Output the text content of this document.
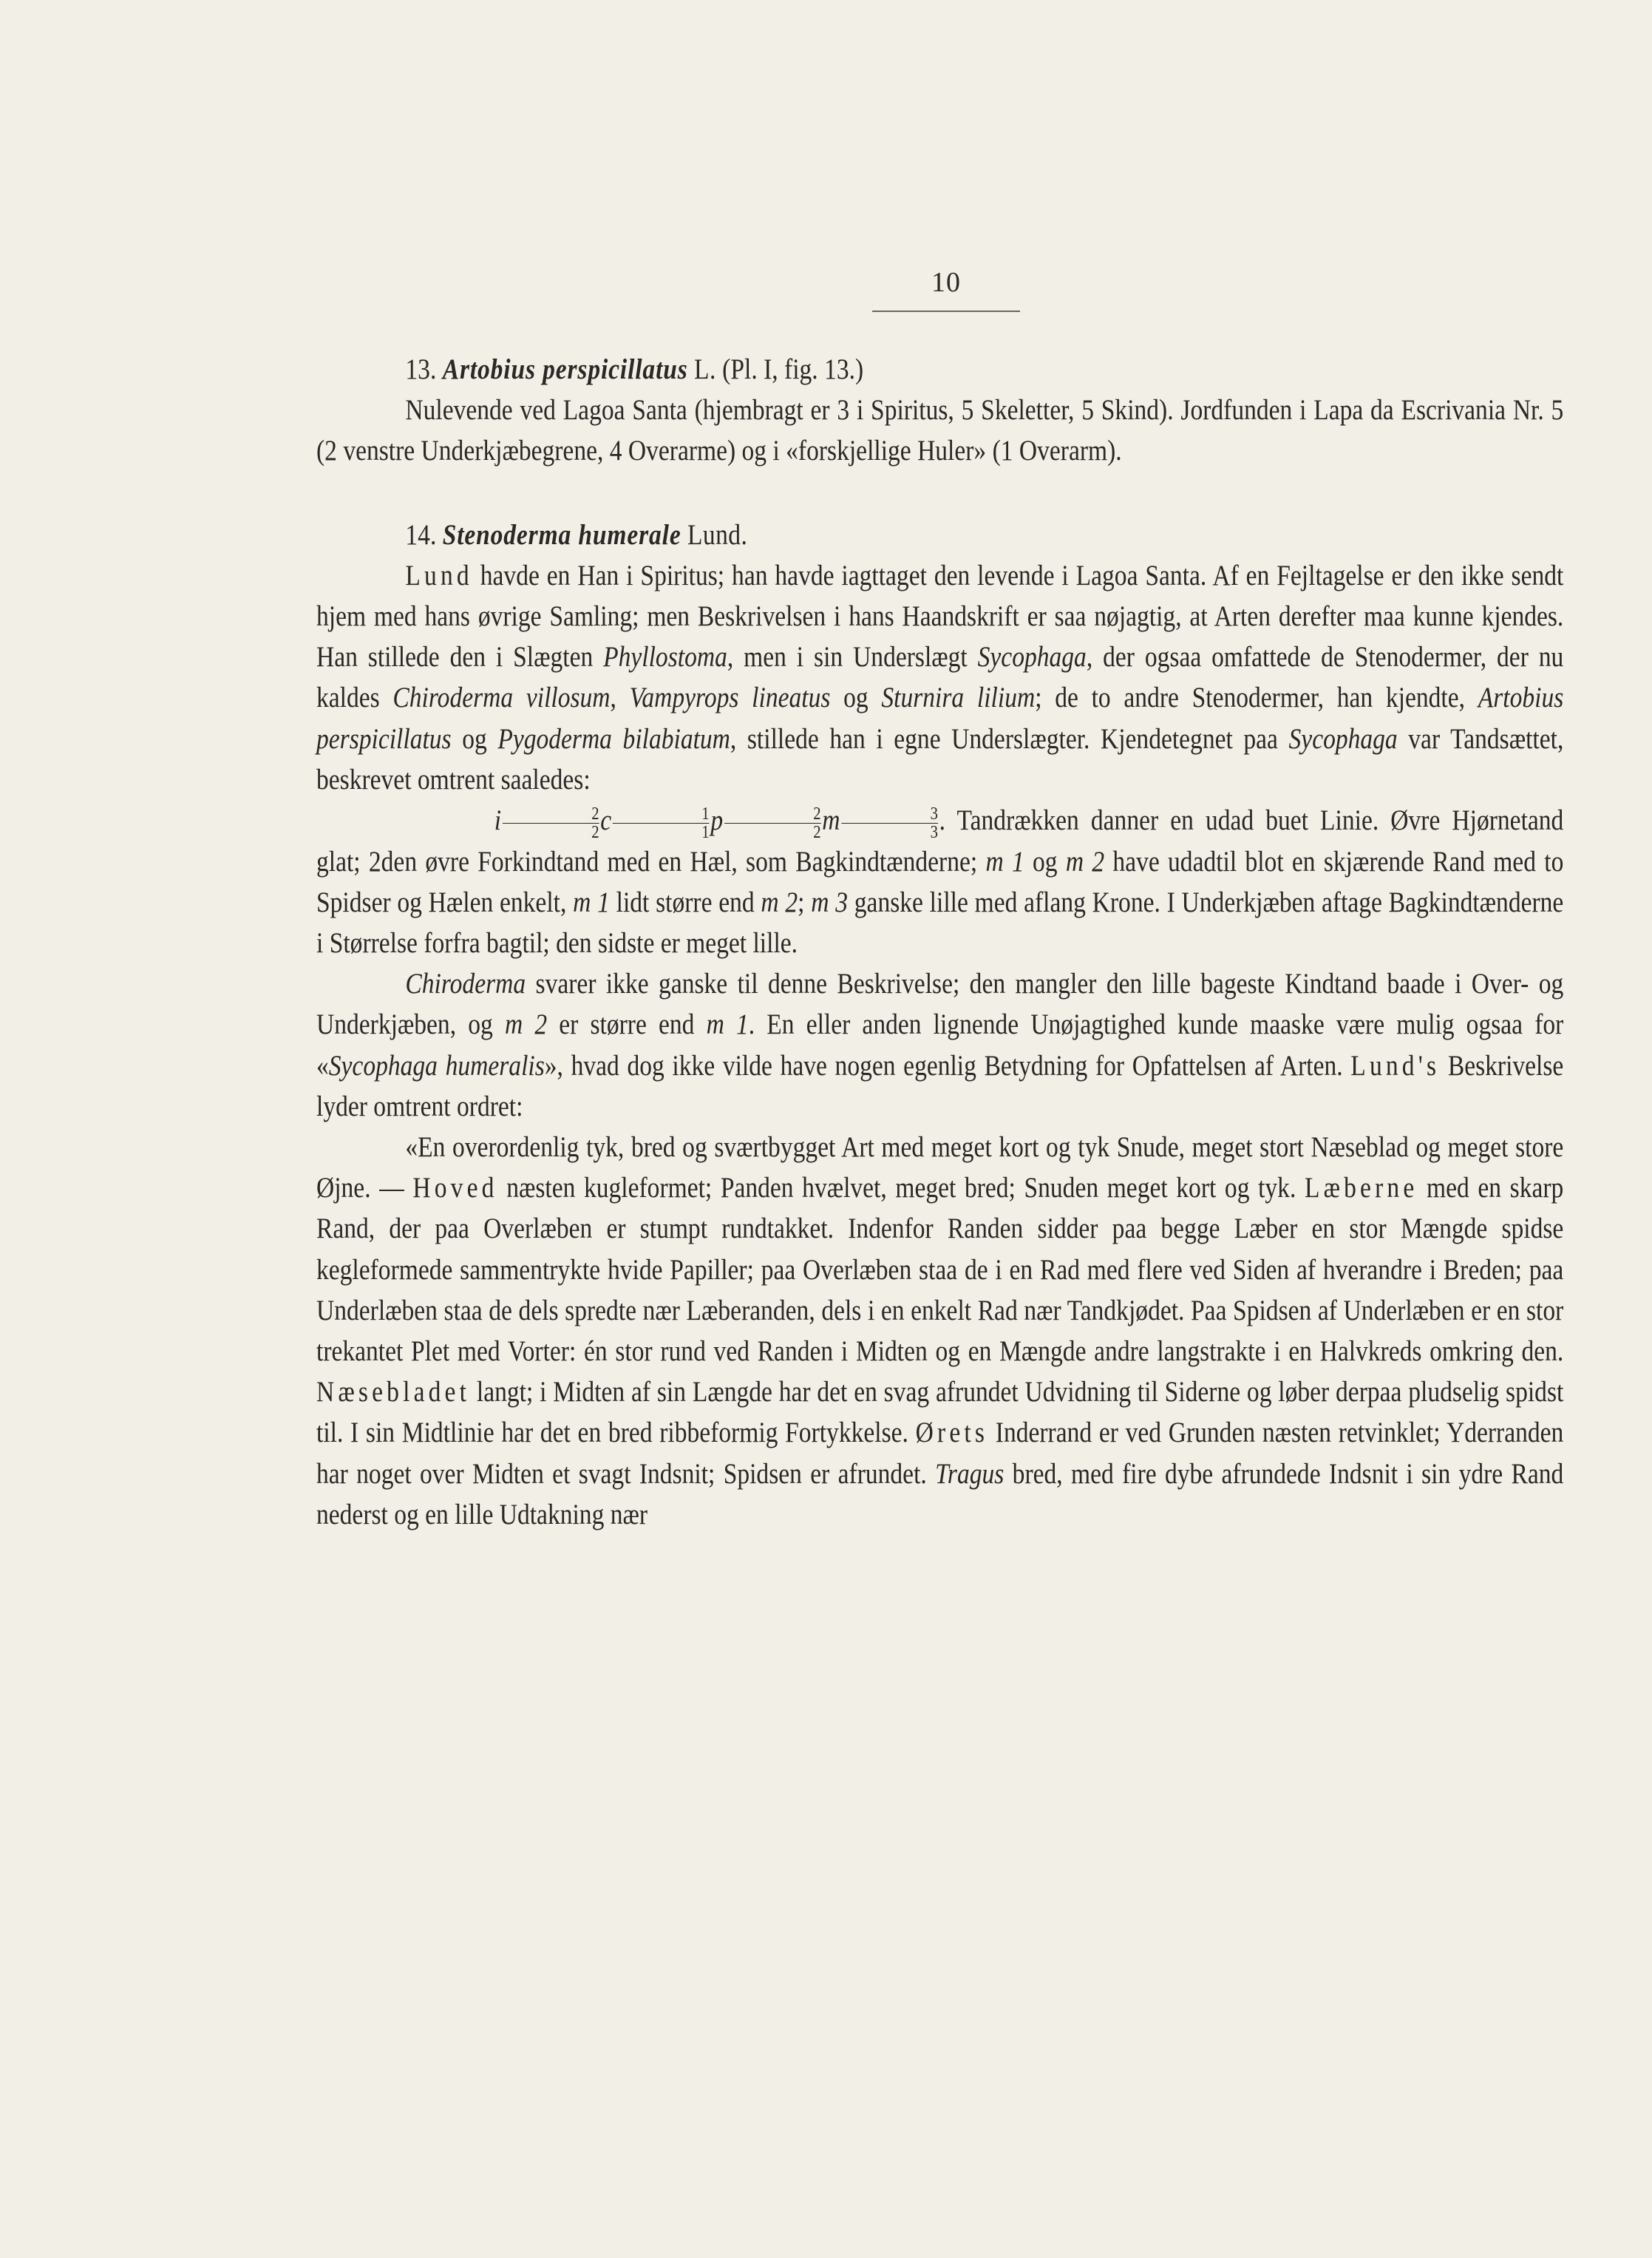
10

13. Artobius perspicillatus L. (Pl. I, fig. 13.)

Nulevende ved Lagoa Santa (hjembragt er 3 i Spiritus, 5 Skeletter, 5 Skind). Jordfunden i Lapa da Escrivania Nr. 5 (2 venstre Underkjæbegrene, 4 Overarme) og i «forskjellige Huler» (1 Overarm).

14. Stenoderma humerale Lund.

Lund havde en Han i Spiritus; han havde iagttaget den levende i Lagoa Santa. Af en Fejltagelse er den ikke sendt hjem med hans øvrige Samling; men Beskrivelsen i hans Haandskrift er saa nøjagtig, at Arten derefter maa kunne kjendes. Han stillede den i Slægten Phyllostoma, men i sin Underslægt Sycophaga, der ogsaa omfattede de Stenodermer, der nu kaldes Chiroderma villosum, Vampyrops lineatus og Sturnira lilium; de to andre Stenodermer, han kjendte, Artobius perspicillatus og Pygoderma bilabiatum, stillede han i egne Underslægter. Kjendetegnet paa Sycophaga var Tandsættet, beskrevet omtrent saaledes:

i $\frac{2}{2}$ c $\frac{1}{1}$ p $\frac{2}{2}$ m $\frac{3}{3}$ . Tandrækken danner en udad buet Linie. Øvre Hjørnetand glat; 2den øvre Forkindtand med en Hæl, som Bagkindtænderne; m 1 og m 2 have udadtil blot en skjærende Rand med to Spidser og Hælen enkelt, m 1 lidt større end m 2; m 3 ganske lille med aflang Krone. I Underkjæben aftage Bagkindtænderne i Størrelse forfra bagtil; den sidste er meget lille.

Chiroderma svarer ikke ganske til denne Beskrivelse; den mangler den lille bageste Kindtand baade i Over- og Underkjæben, og m 2 er større end m 1. En eller anden lignende Unøjagtighed kunde maaske være mulig ogsaa for «Sycophaga humeralis», hvad dog ikke vilde have nogen egenlig Betydning for Opfattelsen af Arten. Lund's Beskrivelse lyder omtrent ordret:

«En overordenlig tyk, bred og sværtbygget Art med meget kort og tyk Snude, meget stort Næseblad og meget store Øjne. — Hoved næsten kugleformet; Panden hvælvet, meget bred; Snuden meget kort og tyk. Læberne med en skarp Rand, der paa Overlæben er stumpt rundtakket. Indenfor Randen sidder paa begge Læber en stor Mængde spidse kegleformede sammentrykte hvide Papiller; paa Overlæben staa de i en Rad med flere ved Siden af hverandre i Breden; paa Underlæben staa de dels spredte nær Læberanden, dels i en enkelt Rad nær Tandkjødet. Paa Spidsen af Underlæben er en stor trekantet Plet med Vorter: én stor rund ved Randen i Midten og en Mængde andre langstrakte i en Halvkreds omkring den. Næsebladet langt; i Midten af sin Længde har det en svag afrundet Udvidning til Siderne og løber derpaa pludselig spidst til. I sin Midtlinie har det en bred ribbeformig Fortykkelse. Ørets Inderrand er ved Grunden næsten retvinklet; Yderranden har noget over Midten et svagt Indsnit; Spidsen er afrundet. Tragus bred, med fire dybe afrundede Indsnit i sin ydre Rand nederst og en lille Udtakning nær
